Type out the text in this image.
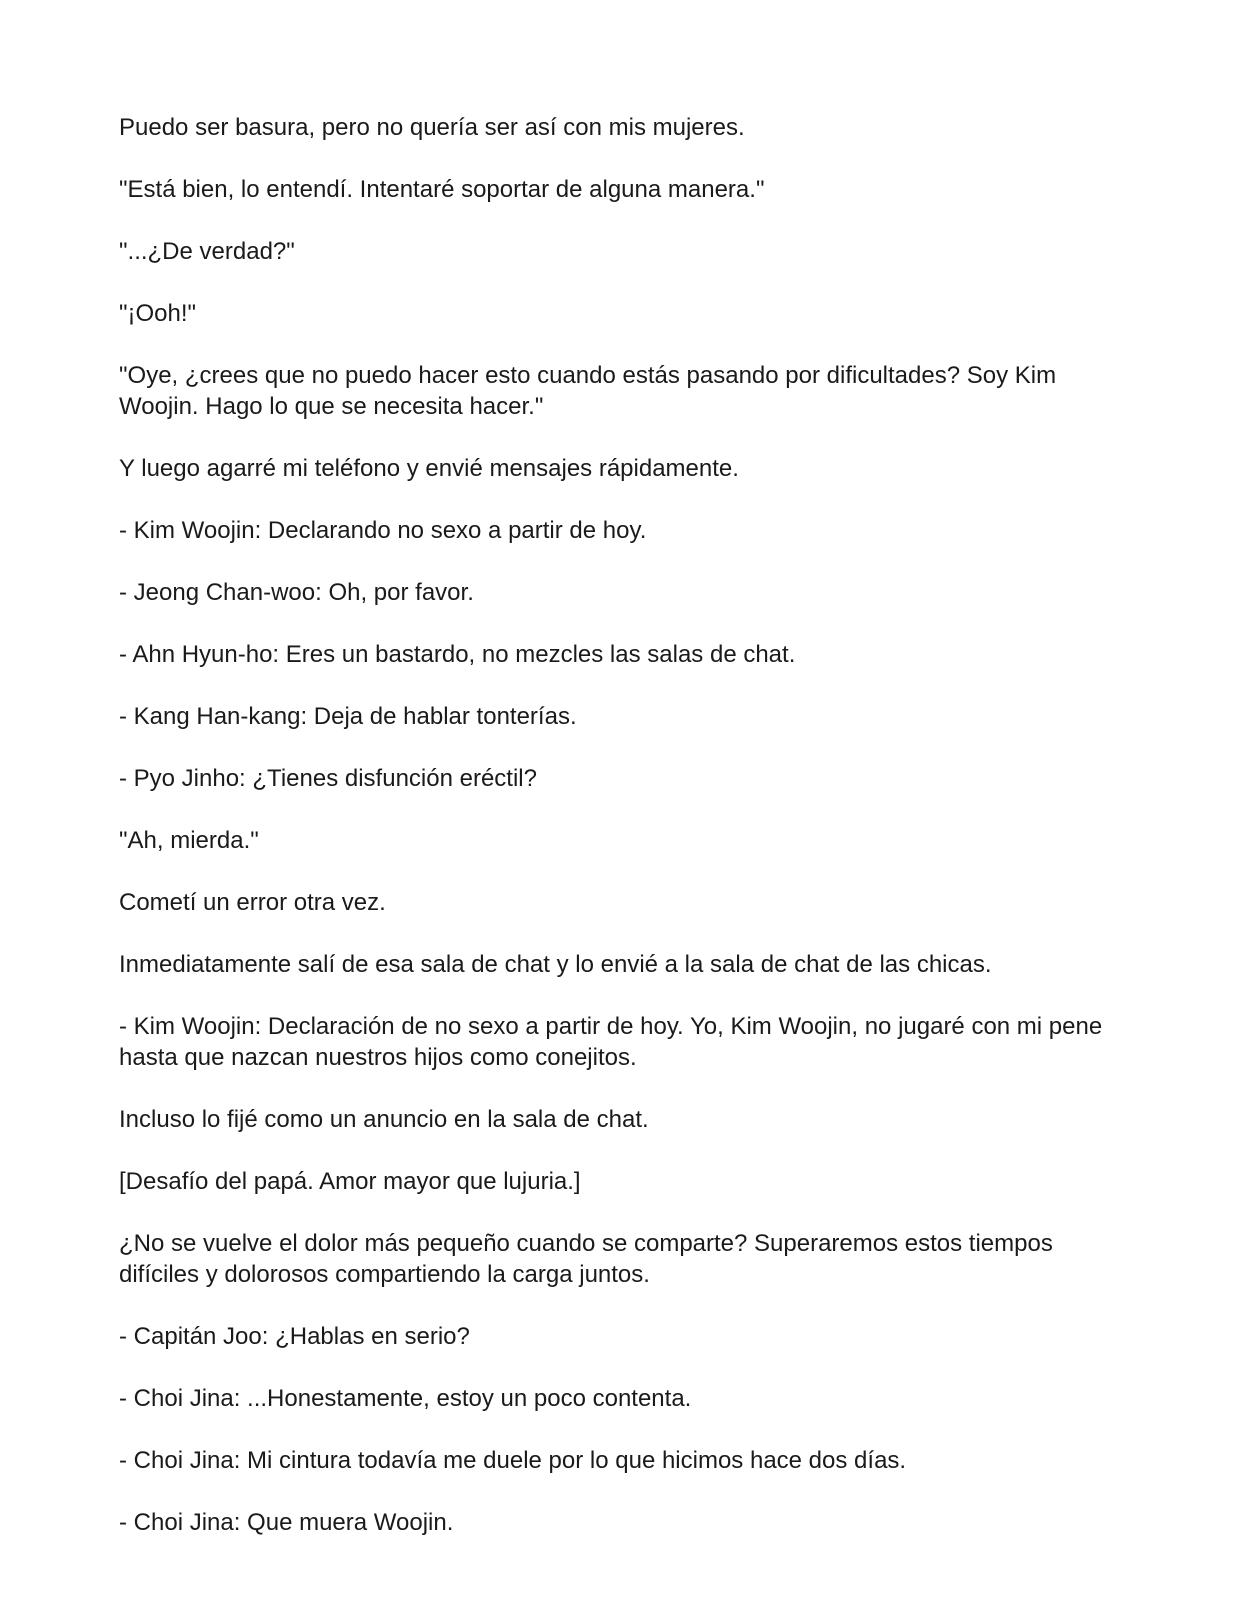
Puedo ser basura, pero no quería ser así con mis mujeres.

"Está bien, lo entendí. Intentaré soportar de alguna manera."

"...¿De verdad?"

"¡Ooh!"

"Oye, ¿crees que no puedo hacer esto cuando estás pasando por dificultades? Soy Kim Woojin. Hago lo que se necesita hacer."

Y luego agarré mi teléfono y envié mensajes rápidamente.

- Kim Woojin: Declarando no sexo a partir de hoy.

- Jeong Chan-woo: Oh, por favor.

- Ahn Hyun-ho: Eres un bastardo, no mezcles las salas de chat.

- Kang Han-kang: Deja de hablar tonterías.

- Pyo Jinho: ¿Tienes disfunción eréctil?

"Ah, mierda."

Cometí un error otra vez.

Inmediatamente salí de esa sala de chat y lo envié a la sala de chat de las chicas.

- Kim Woojin: Declaración de no sexo a partir de hoy. Yo, Kim Woojin, no jugaré con mi pene hasta que nazcan nuestros hijos como conejitos.

Incluso lo fijé como un anuncio en la sala de chat.

[Desafío del papá. Amor mayor que lujuria.]

¿No se vuelve el dolor más pequeño cuando se comparte? Superaremos estos tiempos difíciles y dolorosos compartiendo la carga juntos.

- Capitán Joo: ¿Hablas en serio?

- Choi Jina: ...Honestamente, estoy un poco contenta.

- Choi Jina: Mi cintura todavía me duele por lo que hicimos hace dos días.

- Choi Jina: Que muera Woojin.
